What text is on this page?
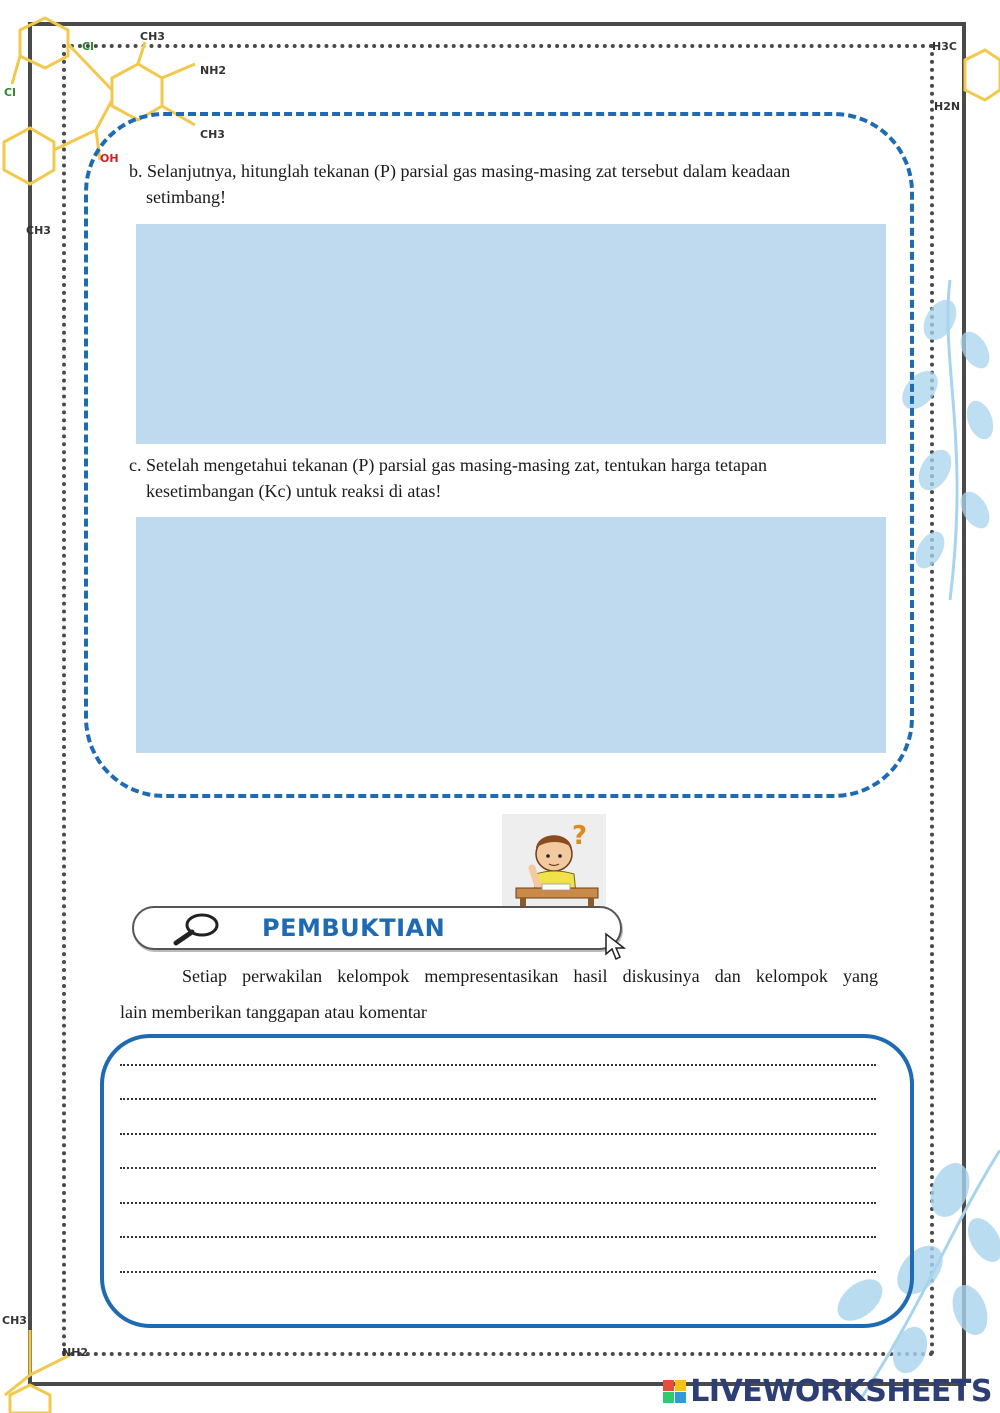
CH3
NH2
CH3
Cl
Cl
OH
CH3
H3C
H2N
CH3
NH2
b. Selanjutnya, hitunglah tekanan (P) parsial gas masing-masing zat tersebut dalam keadaan
setimbang!
c. Setelah mengetahui tekanan (P) parsial gas masing-masing zat, tentukan harga tetapan
kesetimbangan (Kc) untuk reaksi di atas!
?
PEMBUKTIAN
Setiap perwakilan kelompok mempresentasikan hasil diskusinya dan kelompok yang
lain memberikan tanggapan atau komentar
LIVEWORKSHEETS
